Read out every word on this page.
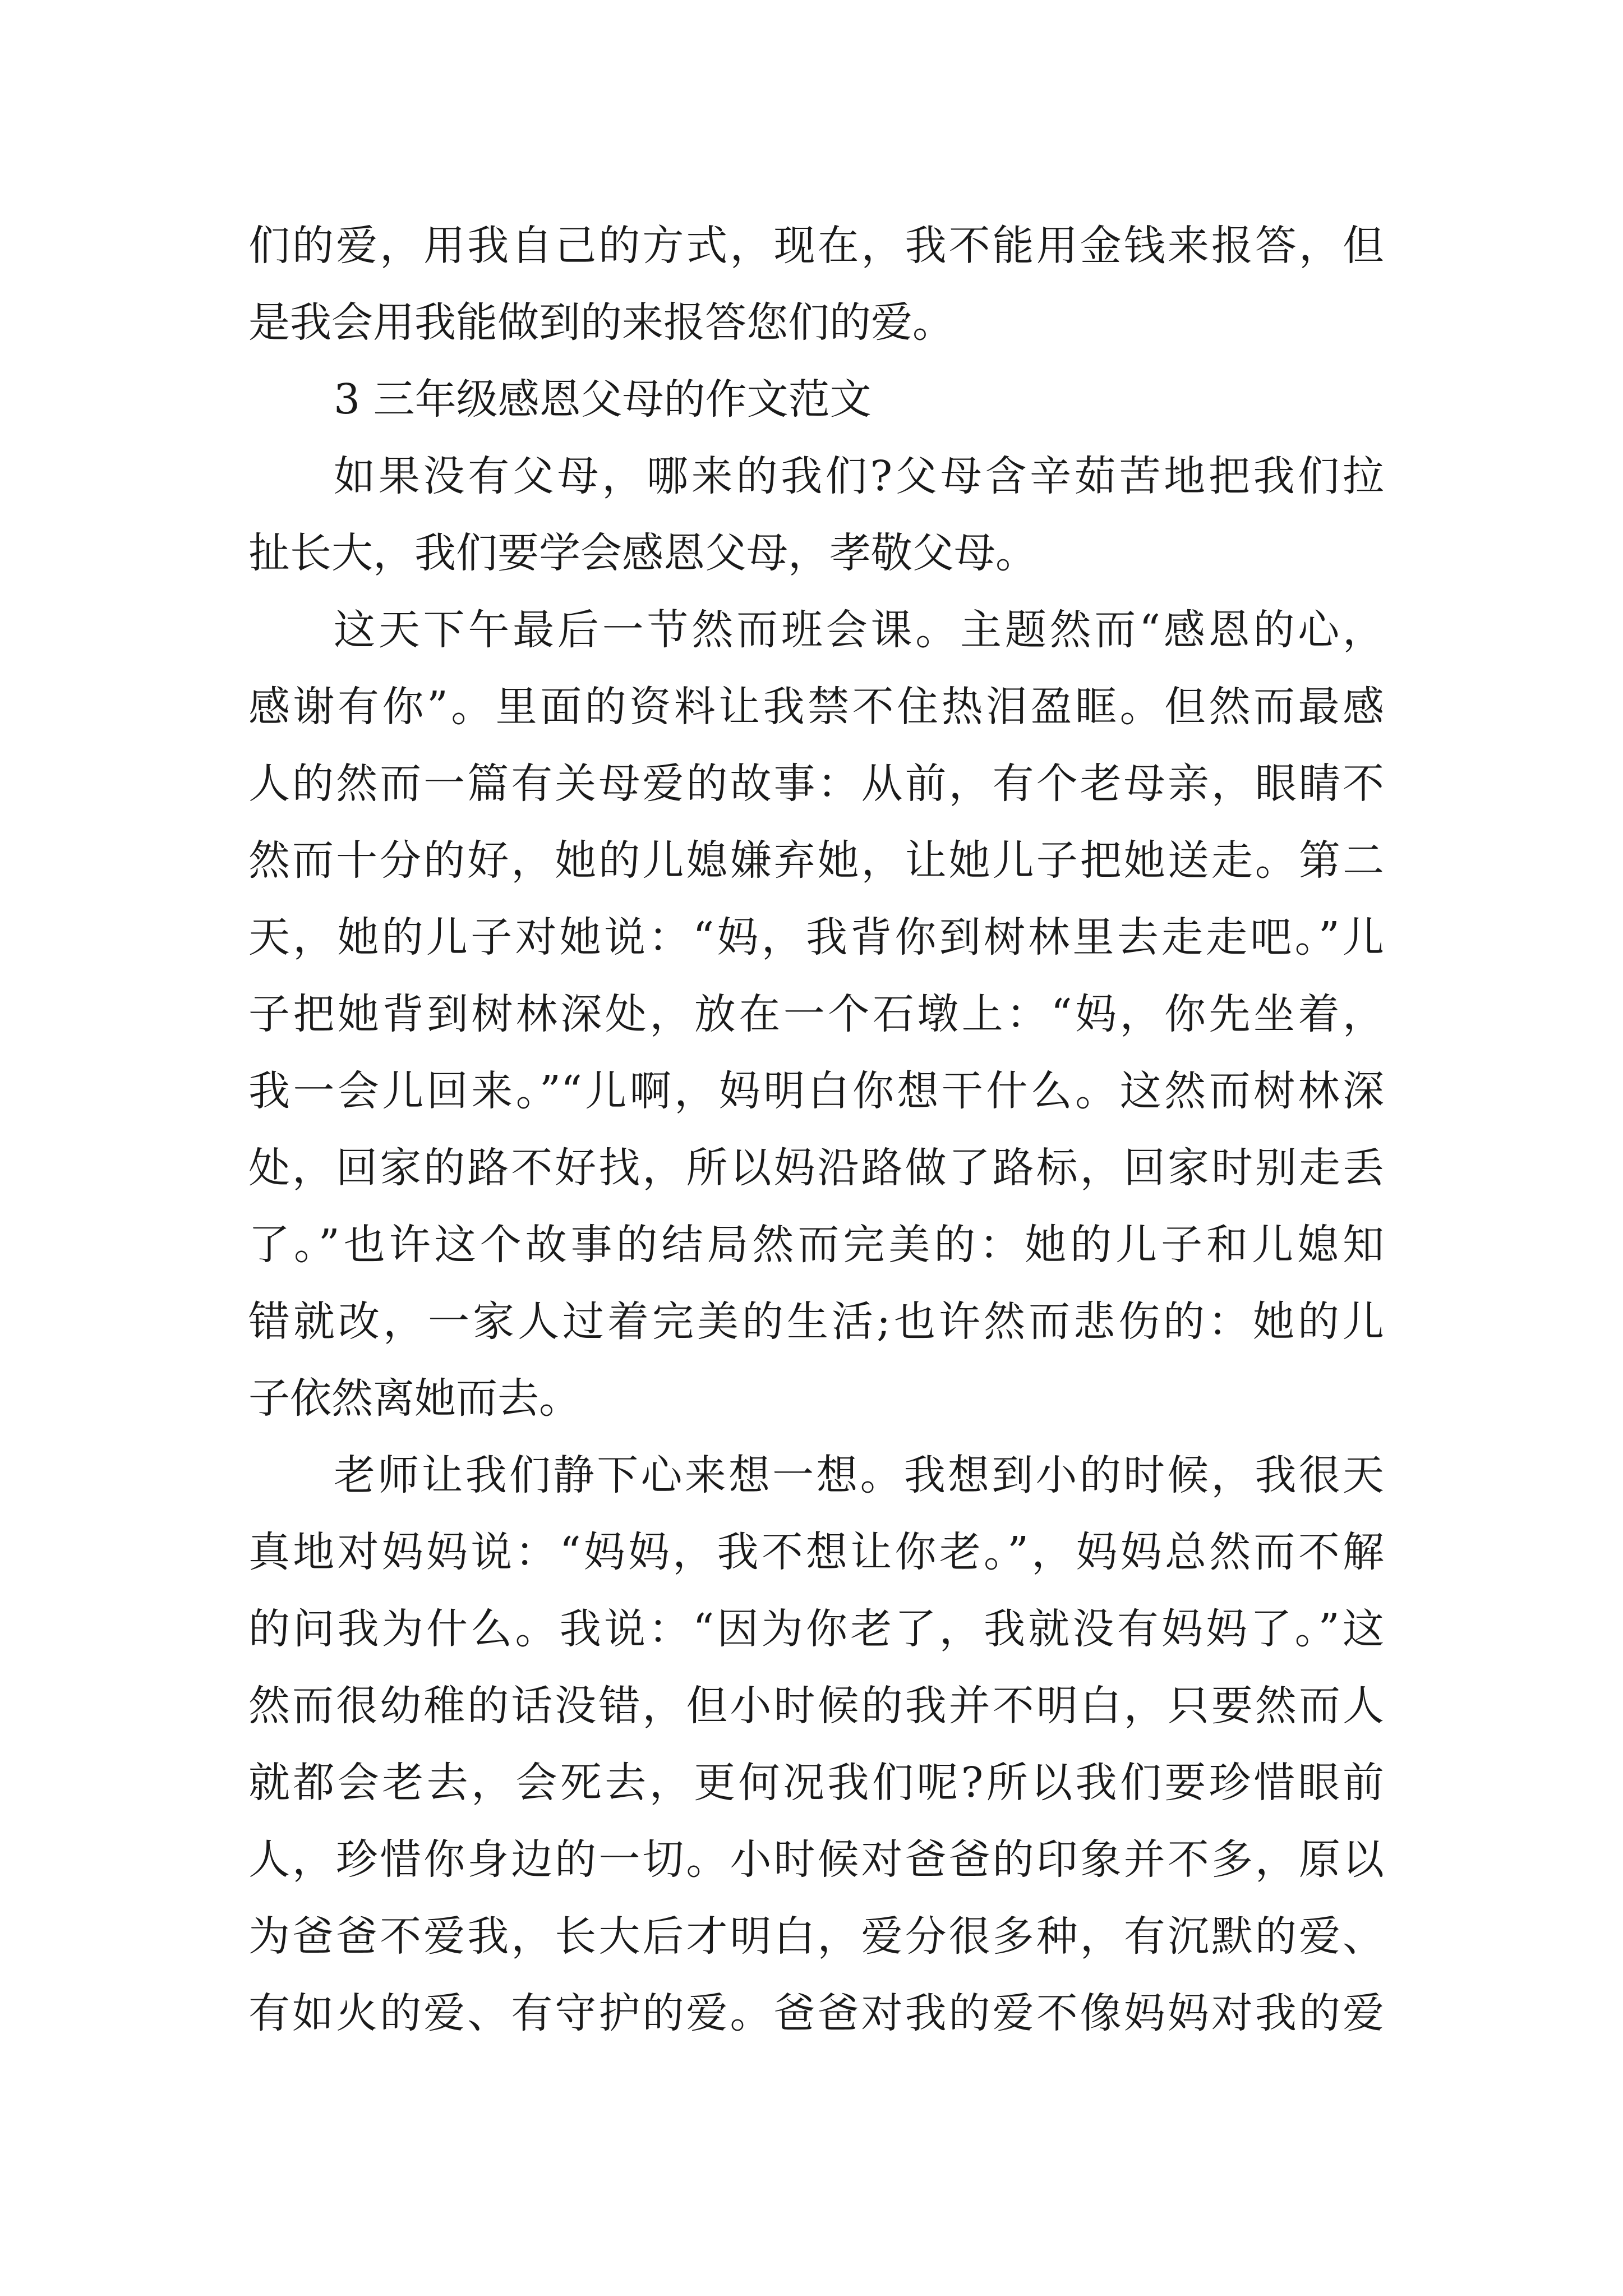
们的爱，用我自己的方式，现在，我不能用金钱来报答，但
是我会用我能做到的来报答您们的爱。
3 三年级感恩父母的作文范文
如果没有父母，哪来的我们?父母含辛茹苦地把我们拉
扯长大，我们要学会感恩父母，孝敬父母。
这天下午最后一节然而班会课。主题然而“感恩的心，
感谢有你”。里面的资料让我禁不住热泪盈眶。但然而最感
人的然而一篇有关母爱的故事：从前，有个老母亲，眼睛不
然而十分的好，她的儿媳嫌弃她，让她儿子把她送走。第二
天，她的儿子对她说：“妈，我背你到树林里去走走吧。”儿
子把她背到树林深处，放在一个石墩上：“妈，你先坐着，
我一会儿回来。”“儿啊，妈明白你想干什么。这然而树林深
处，回家的路不好找，所以妈沿路做了路标，回家时别走丢
了。”也许这个故事的结局然而完美的：她的儿子和儿媳知
错就改，一家人过着完美的生活;也许然而悲伤的：她的儿
子依然离她而去。
老师让我们静下心来想一想。我想到小的时候，我很天
真地对妈妈说：“妈妈，我不想让你老。”，妈妈总然而不解
的问我为什么。我说：“因为你老了，我就没有妈妈了。”这
然而很幼稚的话没错，但小时候的我并不明白，只要然而人
就都会老去，会死去，更何况我们呢?所以我们要珍惜眼前
人，珍惜你身边的一切。小时候对爸爸的印象并不多，原以
为爸爸不爱我，长大后才明白，爱分很多种，有沉默的爱、
有如火的爱、有守护的爱。爸爸对我的爱不像妈妈对我的爱
